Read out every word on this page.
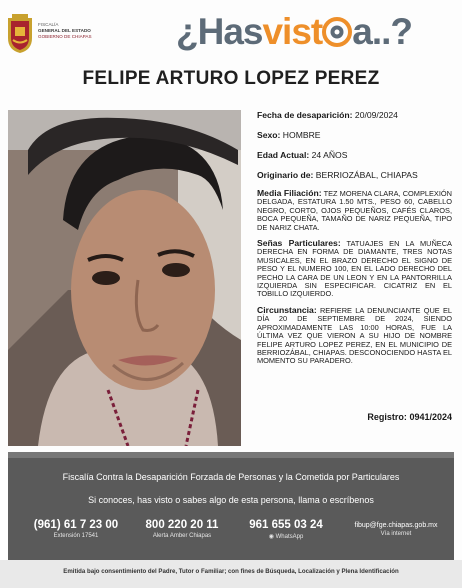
FISCALÍA
GENERAL DEL ESTADO
GOBIERNO DE CHIAPAS ¿Hasvist a..?
FELIPE ARTURO LOPEZ PEREZ
Fecha de desaparición: 20/09/2024
Sexo: HOMBRE
Edad Actual: 24 AÑOS
Originario de: BERRIOZÁBAL, CHIAPAS
Media Filiación: TEZ MORENA CLARA, COMPLEXIÓN DELGADA, ESTATURA 1.50 MTS., PESO 60, CABELLO NEGRO, CORTO, OJOS PEQUEÑOS, CAFÉS CLAROS, BOCA PEQUEÑA, TAMAÑO DE NARIZ PEQUEÑA, TIPO DE NARIZ CHATA.
Señas Particulares: TATUAJES EN LA MUÑECA DERECHA EN FORMA DE DIAMANTE, TRES NOTAS MUSICALES, EN EL BRAZO DERECHO EL SIGNO DE PESO Y EL NUMERO 100, EN EL LADO DERECHO DEL PECHO LA CARA DE UN LEON Y EN LA PANTORRILLA IZQUIERDA SIN ESPECIFICAR. CICATRIZ EN EL TOBILLO IZQUIERDO.
Circunstancia: REFIERE LA DENUNCIANTE QUE EL DÍA 20 DE SEPTIEMBRE DE 2024, SIENDO APROXIMADAMENTE LAS 10:00 HORAS, FUE LA ÚLTIMA VEZ QUE VIERON A SU HIJO DE NOMBRE FELIPE ARTURO LOPEZ PEREZ, EN EL MUNICIPIO DE BERRIOZÁBAL, CHIAPAS. DESCONOCIENDO HASTA EL MOMENTO SU PARADERO.
Registro: 0941/2024
Fiscalía Contra la Desaparición Forzada de Personas y la Cometida por Particulares
Si conoces, has visto o sabes algo de esta persona, llama o escríbenos
(961) 61 7 23 00
Extensión 17541
800 220 20 11
Alerta Amber Chiapas
961 655 03 24
◉ WhatsApp
fibup@fge.chiapas.gob.mx
Vía internet
Emitida bajo consentimiento del Padre, Tutor o Familiar; con fines de Búsqueda, Localización y Plena Identificación
